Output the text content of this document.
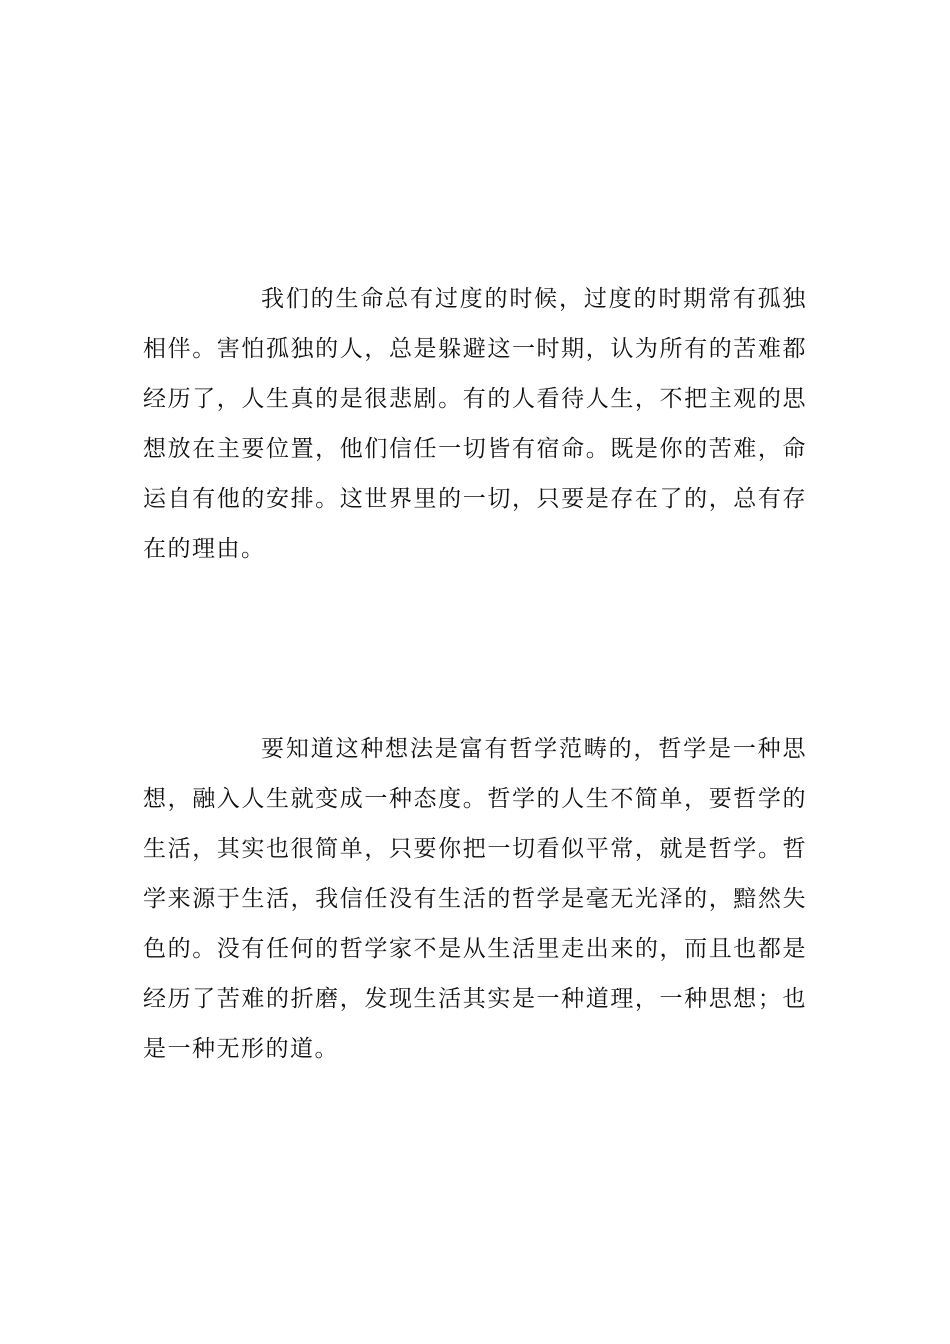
我们的生命总有过度的时候，过度的时期常有孤独相伴。害怕孤独的人，总是躲避这一时期，认为所有的苦难都经历了，人生真的是很悲剧。有的人看待人生，不把主观的思想放在主要位置，他们信任一切皆有宿命。既是你的苦难，命运自有他的安排。这世界里的一切，只要是存在了的，总有存在的理由。

要知道这种想法是富有哲学范畴的，哲学是一种思想，融入人生就变成一种态度。哲学的人生不简单，要哲学的生活，其实也很简单，只要你把一切看似平常，就是哲学。哲学来源于生活，我信任没有生活的哲学是毫无光泽的，黯然失色的。没有任何的哲学家不是从生活里走出来的，而且也都是经历了苦难的折磨，发现生活其实是一种道理，一种思想；也是一种无形的道。
